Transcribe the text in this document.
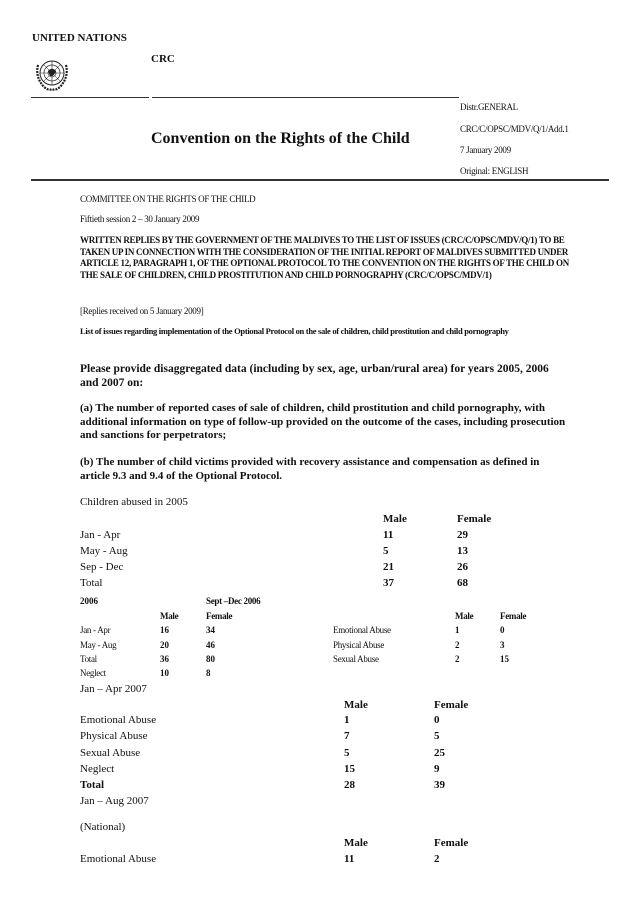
UNITED NATIONS
CRC
Convention on the Rights of the Child
Distr.GENERAL
CRC/C/OPSC/MDV/Q/1/Add.1
7 January 2009
Original: ENGLISH
COMMITTEE ON THE RIGHTS OF THE CHILD
Fiftieth session 2 – 30 January 2009
WRITTEN REPLIES BY THE GOVERNMENT OF THE MALDIVES TO THE LIST OF ISSUES (CRC/C/OPSC/MDV/Q/1) TO BE TAKEN UP IN CONNECTION WITH THE CONSIDERATION OF THE INITIAL REPORT OF MALDIVES SUBMITTED UNDER ARTICLE 12, PARAGRAPH 1, OF THE OPTIONAL PROTOCOL TO THE CONVENTION ON THE RIGHTS OF THE CHILD ON THE SALE OF CHILDREN, CHILD PROSTITUTION AND CHILD PORNOGRAPHY (CRC/C/OPSC/MDV/1)
[Replies received on 5 January 2009]
List of issues regarding implementation of the Optional Protocol on the sale of children, child prostitution and child pornography
Please provide disaggregated data (including by sex, age, urban/rural area) for years 2005, 2006 and 2007 on:
(a) The number of reported cases of sale of children, child prostitution and child pornography, with additional information on type of follow-up provided on the outcome of the cases, including prosecution and sanctions for perpetrators;
(b) The number of child victims provided with recovery assistance and compensation as defined in article 9.3 and 9.4 of the Optional Protocol.
Children abused in 2005
Male	Female
Jan - Apr	11	29
May - Aug	5	13
Sep - Dec	21	26
Total	37	68
2006
Male	Female
Jan - Apr	16	34
May - Aug	20	46
Total	36	80
Neglect	10	8
Sept –Dec 2006
Male	Female
Emotional Abuse	1	0
Physical Abuse	2	3
Sexual Abuse	2	15
Jan – Apr 2007
Male	Female
Emotional Abuse	1	0
Physical Abuse	7	5
Sexual Abuse	5	25
Neglect	15	9
Total	28	39
Jan – Aug 2007
(National)
Male	Female
Emotional Abuse	11	2
